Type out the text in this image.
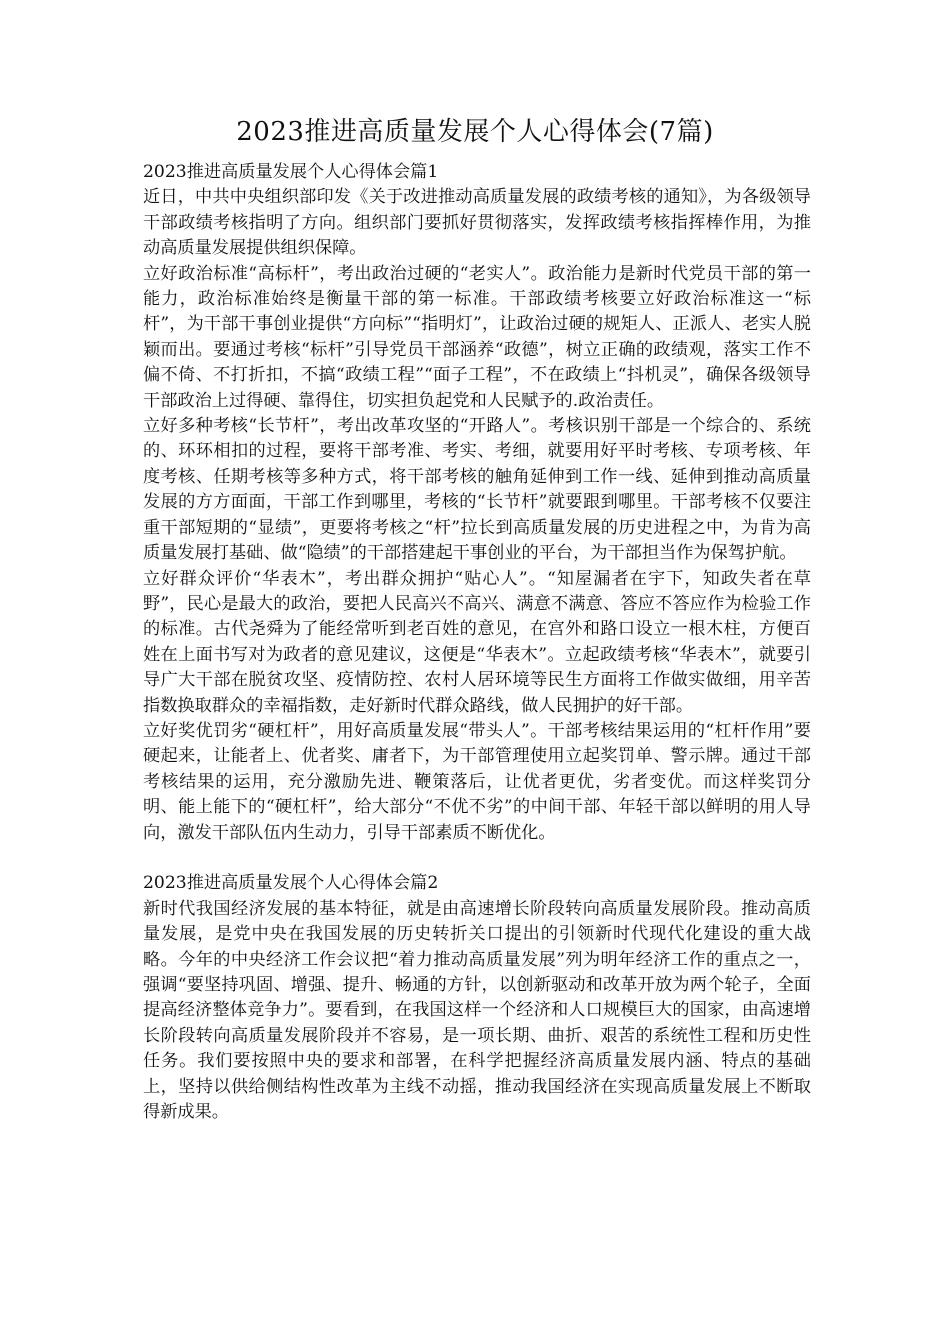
2023推进高质量发展个人心得体会(7篇)

2023推进高质量发展个人心得体会篇1

近日，中共中央组织部印发《关于改进推动高质量发展的政绩考核的通知》，为各级领导干部政绩考核指明了方向。组织部门要抓好贯彻落实，发挥政绩考核指挥棒作用，为推动高质量发展提供组织保障。

立好政治标准“高标杆”，考出政治过硬的“老实人”。政治能力是新时代党员干部的第一能力，政治标准始终是衡量干部的第一标准。干部政绩考核要立好政治标准这一“标杆”，为干部干事创业提供“方向标”“指明灯”，让政治过硬的规矩人、正派人、老实人脱颖而出。要通过考核“标杆”引导党员干部涵养“政德”，树立正确的政绩观，落实工作不偏不倚、不打折扣，不搞“政绩工程”“面子工程”，不在政绩上“抖机灵”，确保各级领导干部政治上过得硬、靠得住，切实担负起党和人民赋予的.政治责任。

立好多种考核“长节杆”，考出改革攻坚的“开路人”。考核识别干部是一个综合的、系统的、环环相扣的过程，要将干部考准、考实、考细，就要用好平时考核、专项考核、年度考核、任期考核等多种方式，将干部考核的触角延伸到工作一线、延伸到推动高质量发展的方方面面，干部工作到哪里，考核的“长节杆”就要跟到哪里。干部考核不仅要注重干部短期的“显绩”，更要将考核之“杆”拉长到高质量发展的历史进程之中，为肯为高质量发展打基础、做“隐绩”的干部搭建起干事创业的平台，为干部担当作为保驾护航。

立好群众评价“华表木”，考出群众拥护“贴心人”。“知屋漏者在宇下，知政失者在草野”，民心是最大的政治，要把人民高兴不高兴、满意不满意、答应不答应作为检验工作的标准。古代尧舜为了能经常听到老百姓的意见，在宫外和路口设立一根木柱，方便百姓在上面书写对为政者的意见建议，这便是“华表木”。立起政绩考核“华表木”，就要引导广大干部在脱贫攻坚、疫情防控、农村人居环境等民生方面将工作做实做细，用辛苦指数换取群众的幸福指数，走好新时代群众路线，做人民拥护的好干部。

立好奖优罚劣“硬杠杆”，用好高质量发展“带头人”。干部考核结果运用的“杠杆作用”要硬起来，让能者上、优者奖、庸者下，为干部管理使用立起奖罚单、警示牌。通过干部考核结果的运用，充分激励先进、鞭策落后，让优者更优，劣者变优。而这样奖罚分明、能上能下的“硬杠杆”，给大部分“不优不劣”的中间干部、年轻干部以鲜明的用人导向，激发干部队伍内生动力，引导干部素质不断优化。

2023推进高质量发展个人心得体会篇2

新时代我国经济发展的基本特征，就是由高速增长阶段转向高质量发展阶段。推动高质量发展，是党中央在我国发展的历史转折关口提出的引领新时代现代化建设的重大战略。今年的中央经济工作会议把“着力推动高质量发展”列为明年经济工作的重点之一，强调“要坚持巩固、增强、提升、畅通的方针，以创新驱动和改革开放为两个轮子，全面提高经济整体竞争力”。要看到，在我国这样一个经济和人口规模巨大的国家，由高速增长阶段转向高质量发展阶段并不容易，是一项长期、曲折、艰苦的系统性工程和历史性任务。我们要按照中央的要求和部署，在科学把握经济高质量发展内涵、特点的基础上，坚持以供给侧结构性改革为主线不动摇，推动我国经济在实现高质量发展上不断取得新成果。
